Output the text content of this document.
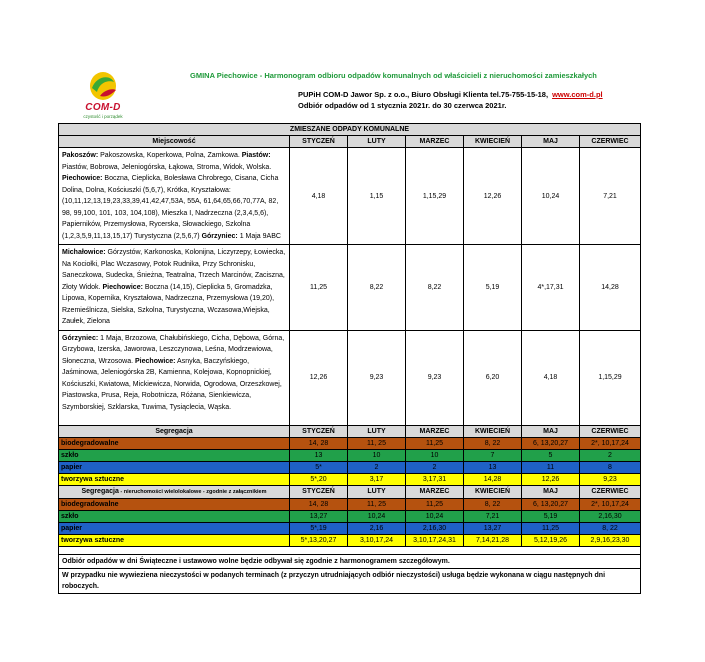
COM-D
czystość i porządek
GMINA Piechowice - Harmonogram odbioru odpadów komunalnych od właścicieli z nieruchomości zamieszkałych
PUPiH COM-D Jawor Sp. z o.o., Biuro Obsługi Klienta tel.75-755-15-18, www.com-d.pl
Odbiór odpadów od 1 stycznia 2021r. do 30 czerwca 2021r.
ZMIESZANE ODPADY KOMUNALNE						
Miejscowość	STYCZEŃ	LUTY	MARZEC	KWIECIEŃ	MAJ	CZERWIEC
Pakoszów: Pakoszowska, Koperkowa, Polna, Zamkowa. Piastów: Piastów, Bobrowa, Jeleniogórska, Łąkowa, Stroma, Widok, Wolska. Piechowice: Boczna, Cieplicka, Bolesława Chrobrego, Cisana, Cicha Dolina, Dolna, Kościuszki (5,6,7), Krótka, Kryształowa: (10,11,12,13,19,23,33,39,41,42,47,53A, 55A, 61,64,65,66,70,77A, 82, 98, 99,100, 101, 103, 104,108), Mieszka I, Nadrzeczna (2,3,4,5,6), Papierników, Przemysłowa, Rycerska, Słowackiego, Szkolna (1,2,3,5,9,11,13,15,17) Turystyczna (2,5,6,7) Górzyniec: 1 Maja 9ABC	4,18	1,15	1,15,29	12,26	10,24	7,21
Michałowice: Górzystów, Karkonoska, Kolonijna, Liczyrzepy, Łowiecka, Na Kociołki, Plac Wczasowy, Potok Rudnika, Przy Schronisku, Saneczkowa, Sudecka, Śnieżna, Teatralna, Trzech Marcinów, Zaciszna, Złoty Widok. Piechowice: Boczna (14,15), Cieplicka 5, Gromadzka, Lipowa, Kopernika, Kryształowa, Nadrzeczna, Przemysłowa (19,20), Rzemieślnicza, Sielska, Szkolna, Turystyczna, Wczasowa,Wiejska, Zaułek, Zielona	11,25	8,22	8,22	5,19	4*,17,31	14,28
Górzyniec: 1 Maja, Brzozowa, Chałubińskiego, Cicha, Dębowa, Górna, Grzybowa, Izerska, Jaworowa, Leszczynowa, Leśna, Modrzewiowa, Słoneczna, Wrzosowa. Piechowice: Asnyka, Baczyńskiego, Jaśminowa, Jeleniogórska 2B, Kamienna, Kolejowa, Kopnopnickiej, Kościuszki, Kwiatowa, Mickiewicza, Norwida, Ogrodowa, Orzeszkowej, Piastowska, Prusa, Reja, Robotnicza, Różana, Sienkiewicza, Szymborskiej, Szklarska, Tuwima, Tysiąclecia, Wąska.	12,26	9,23	9,23	6,20	4,18	1,15,29
Segregacja	STYCZEŃ	LUTY	MARZEC	KWIECIEŃ	MAJ	CZERWIEC
biodegradowalne	14, 28	11, 25	11,25	8, 22	6, 13,20,27	2*, 10,17,24
szkło	13	10	10	7	5	2
papier	5*	2	2	13	11	8
tworzywa sztuczne	5*,20	3,17	3,17,31	14,28	12,26	9,23
Segregacja - nieruchomości wielolokalowe - zgodnie z załącznikiem	STYCZEŃ	LUTY	MARZEC	KWIECIEŃ	MAJ	CZERWIEC
biodegradowalne	14, 28	11, 25	11,25	8, 22	6, 13,20,27	2*, 10,17,24
szkło	13,27	10,24	10,24	7,21	5,19	2,16,30
papier	5*,19	2,16	2,16,30	13,27	11,25	8, 22
tworzywa sztuczne	5*,13,20,27	3,10,17,24	3,10,17,24,31	7,14,21,28	5,12,19,26	2,9,16,23,30

Odbiór odpadów w dni Świąteczne i ustawowo wolne będzie odbywał się zgodnie z harmonogramem szczegółowym.						
W przypadku nie wywieziena nieczystości w podanych terminach (z przyczyn utrudniających odbiór nieczystości) usługa będzie wykonana w ciągu następnych dni roboczych.						
